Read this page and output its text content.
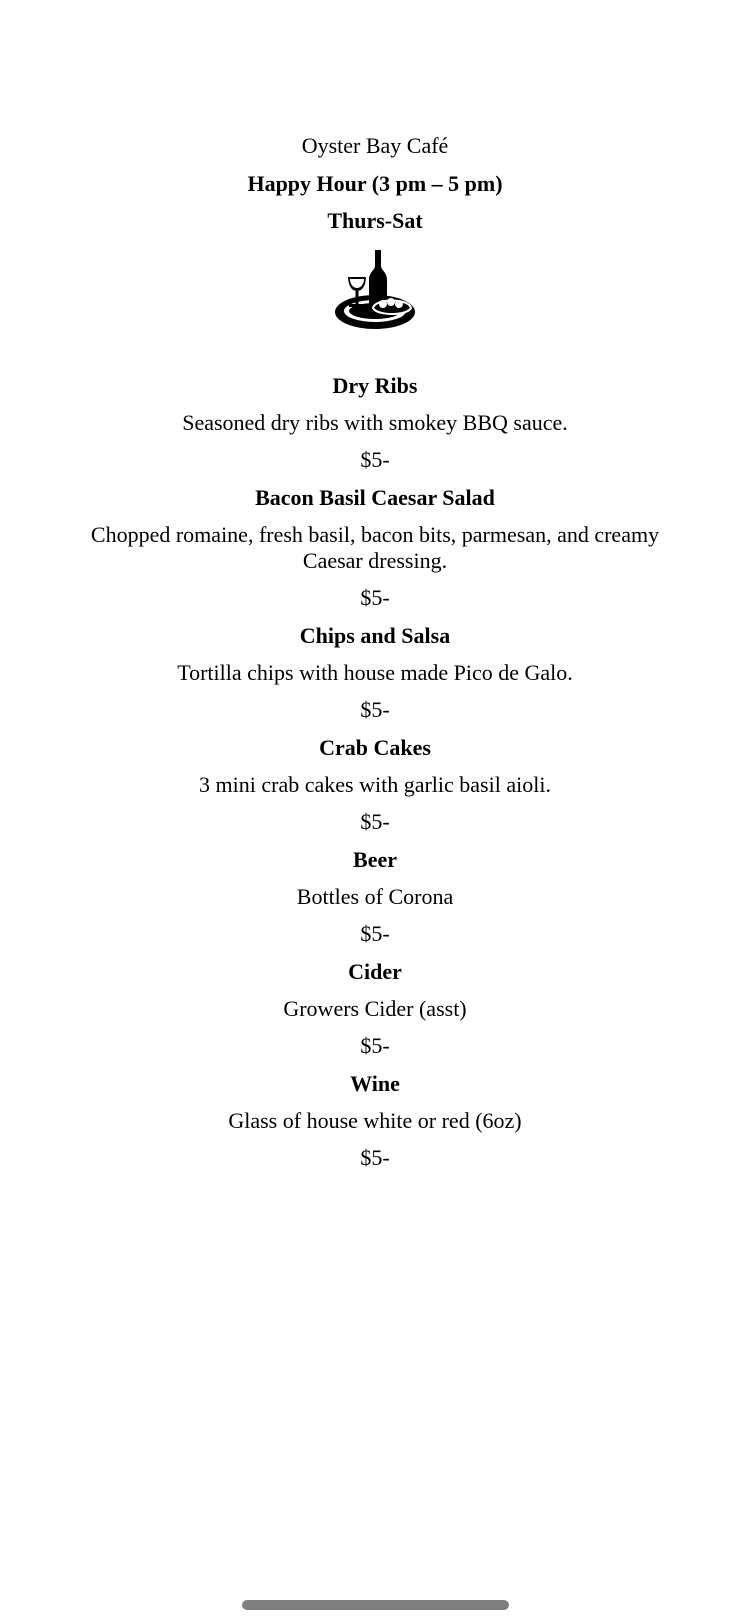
Oyster Bay Café
Happy Hour (3 pm – 5 pm)
Thurs-Sat
Dry Ribs
Seasoned dry ribs with smokey BBQ sauce.
$5-
Bacon Basil Caesar Salad
Chopped romaine, fresh basil, bacon bits, parmesan, and creamy Caesar dressing.
$5-
Chips and Salsa
Tortilla chips with house made Pico de Galo.
$5-
Crab Cakes
3 mini crab cakes with garlic basil aioli.
$5-
Beer
Bottles of Corona
$5-
Cider
Growers Cider (asst)
$5-
Wine
Glass of house white or red (6oz)
$5-
